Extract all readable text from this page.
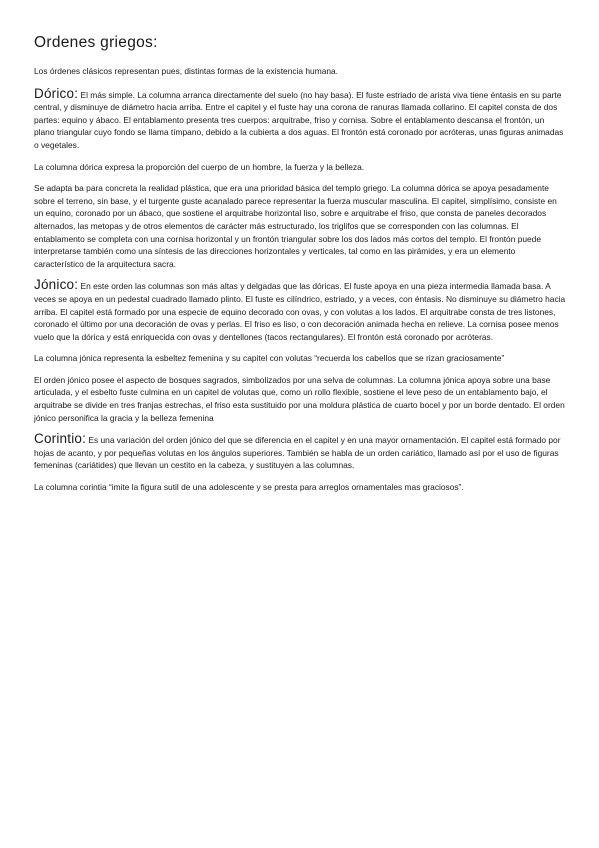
Ordenes griegos:

Los órdenes clásicos representan pues, distintas formas de la existencia humana.

Dórico: El más simple. La columna arranca directamente del suelo (no hay basa). El fuste estriado de arista viva tiene éntasis en su parte central, y disminuye de diámetro hacia arriba. Entre el capitel y el fuste hay una corona de ranuras llamada collarino. El capitel consta de dos partes: equino y ábaco. El entablamento presenta tres cuerpos: arquitrabe, friso y cornisa. Sobre el entablamento descansa el frontón, un plano triangular cuyo fondo se llama tímpano, debido a la cubierta a dos aguas. El frontón está coronado por acróteras, unas figuras animadas o vegetales.

La columna dórica expresa la proporción del cuerpo de un hombre, la fuerza y la belleza.

Se adapta ba para concreta la realidad plástica, que era una prioridad básica del templo griego. La columna dórica se apoya pesadamente sobre el terreno, sin base, y el turgente guste acanalado parece representar la fuerza muscular masculina. El capitel, simplísimo, consiste en un equino, coronado por un ábaco, que sostiene el arquitrabe horizontal liso, sobre e arquitrabe el friso, que consta de paneles decorados alternados, las metopas y de otros elementos de carácter más estructurado, los triglifos que se corresponden con las columnas. El entablamento se completa con una cornisa horizontal y un frontón triangular sobre los dos lados más cortos del templo. El frontón puede interpretarse también como una síntesis de las direcciones horizontales y verticales, tal como en las pirámides, y era un elemento característico de la arquitectura sacra.

Jónico: En este orden las columnas son más altas y delgadas que las dóricas. El fuste apoya en una pieza intermedia llamada basa. A veces se apoya en un pedestal cuadrado llamado plinto. El fuste es cilíndrico, estriado, y a veces, con éntasis. No disminuye su diámetro hacia arriba. El capitel está formado por una especie de equino decorado con ovas, y con volutas a los lados. El arquitrabe consta de tres listones, coronado el último por una decoración de ovas y perlas. El friso es liso, o con decoración animada hecha en relieve. La cornisa posee menos vuelo que la dórica y está enriquecida con ovas y dentellones (tacos rectangulares). El frontón está coronado por acróteras.

La columna jónica representa la esbeltez femenina y su capitel con volutas “recuerda los cabellos que se rizan graciosamente”

El orden jónico posee el aspecto de bosques sagrados, simbolizados por una selva de columnas. La columna jónica apoya sobre una base articulada, y el esbelto fuste culmina en un capitel de volutas que, como un rollo flexible, sostiene el leve peso de un entablamento bajo, el arquitrabe se divide en tres franjas estrechas, el friso esta sustituido por una moldura plástica de cuarto bocel y por un borde dentado. El orden jónico personifica la gracia y la belleza femenina

Corintio: Es una variación del orden jónico del que se diferencia en el capitel y en una mayor ornamentación. El capitel está formado por hojas de acanto, y por pequeñas volutas en los ángulos superiores. También se habla de un orden cariático, llamado así por el uso de figuras femeninas (cariátides) que llevan un cestito en la cabeza, y sustituyen a las columnas.

La columna corintia “imite la figura sutil de una adolescente y se presta para arreglos ornamentales mas graciosos”.
